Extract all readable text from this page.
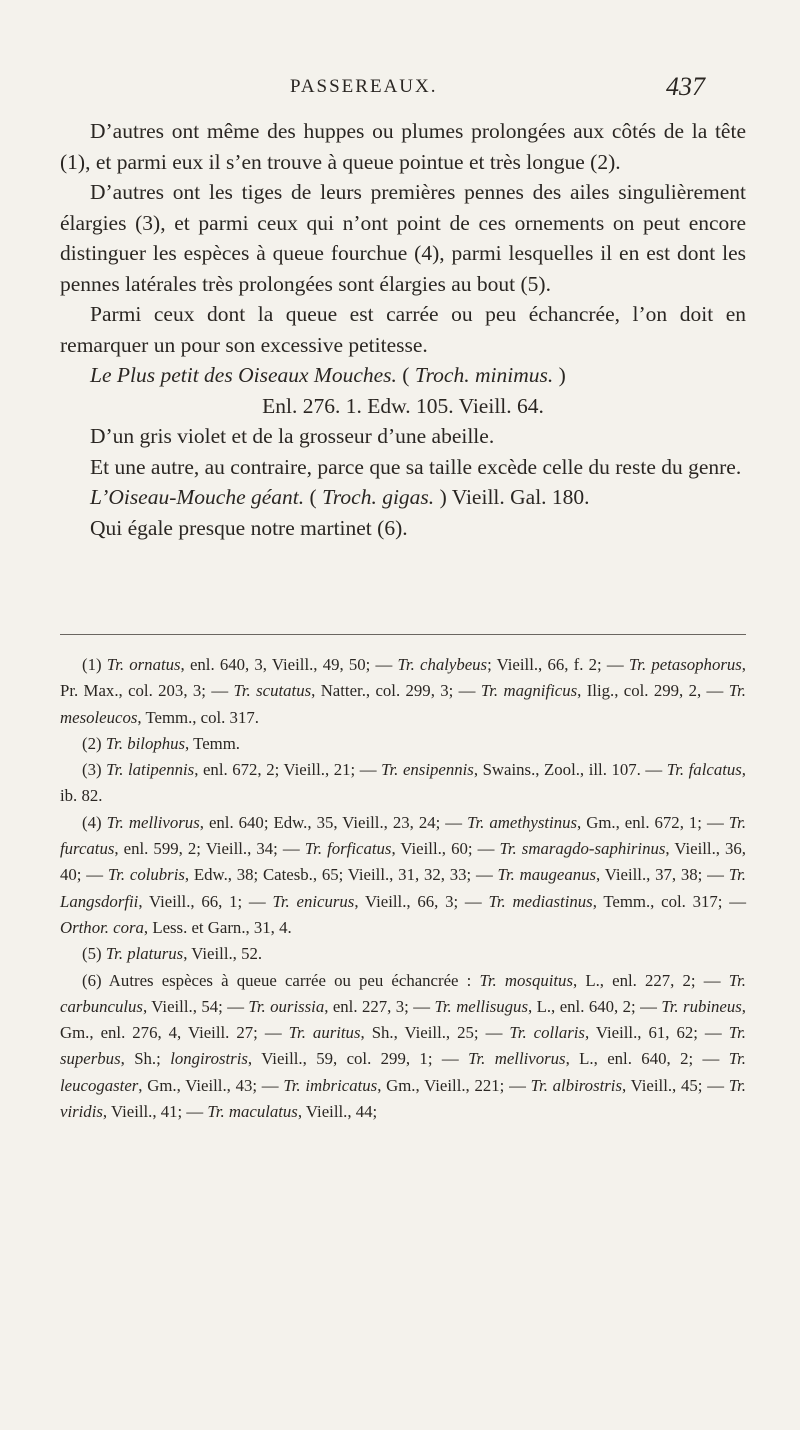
PASSEREAUX.	437

D’autres ont même des huppes ou plumes prolongées aux côtés de la tête (1), et parmi eux il s’en trouve à queue pointue et très longue (2).

D’autres ont les tiges de leurs premières pennes des ailes singulièrement élargies (3), et parmi ceux qui n’ont point de ces ornements on peut encore distinguer les espèces à queue fourchue (4), parmi lesquelles il en est dont les pennes latérales très prolongées sont élargies au bout (5).

Parmi ceux dont la queue est carrée ou peu échancrée, l’on doit en remarquer un pour son excessive petitesse.

Le Plus petit des Oiseaux Mouches. ( Troch. minimus. )

Enl. 276. 1. Edw. 105. Vieill. 64.

D’un gris violet et de la grosseur d’une abeille.

Et une autre, au contraire, parce que sa taille excède celle du reste du genre.

L’Oiseau-Mouche géant. ( Troch. gigas. ) Vieill. Gal. 180.

Qui égale presque notre martinet (6).

(1) Tr. ornatus, enl. 640, 3, Vieill., 49, 50; — Tr. chalybeus; Vieill., 66, f. 2; — Tr. petasophorus, Pr. Max., col. 203, 3; — Tr. scutatus, Natter., col. 299, 3; — Tr. magnificus, Ilig., col. 299, 2, — Tr. mesoleucos, Temm., col. 317.

(2) Tr. bilophus, Temm.

(3) Tr. latipennis, enl. 672, 2; Vieill., 21; — Tr. ensipennis, Swains., Zool., ill. 107. — Tr. falcatus, ib. 82.

(4) Tr. mellivorus, enl. 640; Edw., 35, Vieill., 23, 24; — Tr. amethystinus, Gm., enl. 672, 1; — Tr. furcatus, enl. 599, 2; Vieill., 34; — Tr. forficatus, Vieill., 60; — Tr. smaragdo-saphirinus, Vieill., 36, 40; — Tr. colubris, Edw., 38; Catesb., 65; Vieill., 31, 32, 33; — Tr. maugeanus, Vieill., 37, 38; — Tr. Langsdorfii, Vieill., 66, 1; — Tr. enicurus, Vieill., 66, 3; — Tr. mediastinus, Temm., col. 317; — Orthor. cora, Less. et Garn., 31, 4.

(5) Tr. platurus, Vieill., 52.

(6) Autres espèces à queue carrée ou peu échancrée : Tr. mosquitus, L., enl. 227, 2; — Tr. carbunculus, Vieill., 54; — Tr. ourissia, enl. 227, 3; — Tr. mellisugus, L., enl. 640, 2; — Tr. rubineus, Gm., enl. 276, 4, Vieill. 27; — Tr. auritus, Sh., Vieill., 25; — Tr. collaris, Vieill., 61, 62; — Tr. superbus, Sh.; longirostris, Vieill., 59, col. 299, 1; — Tr. mellivorus, L., enl. 640, 2; — Tr. leucogaster, Gm., Vieill., 43; — Tr. imbricatus, Gm., Vieill., 221; — Tr. albirostris, Vieill., 45; — Tr. viridis, Vieill., 41; — Tr. maculatus, Vieill., 44;
